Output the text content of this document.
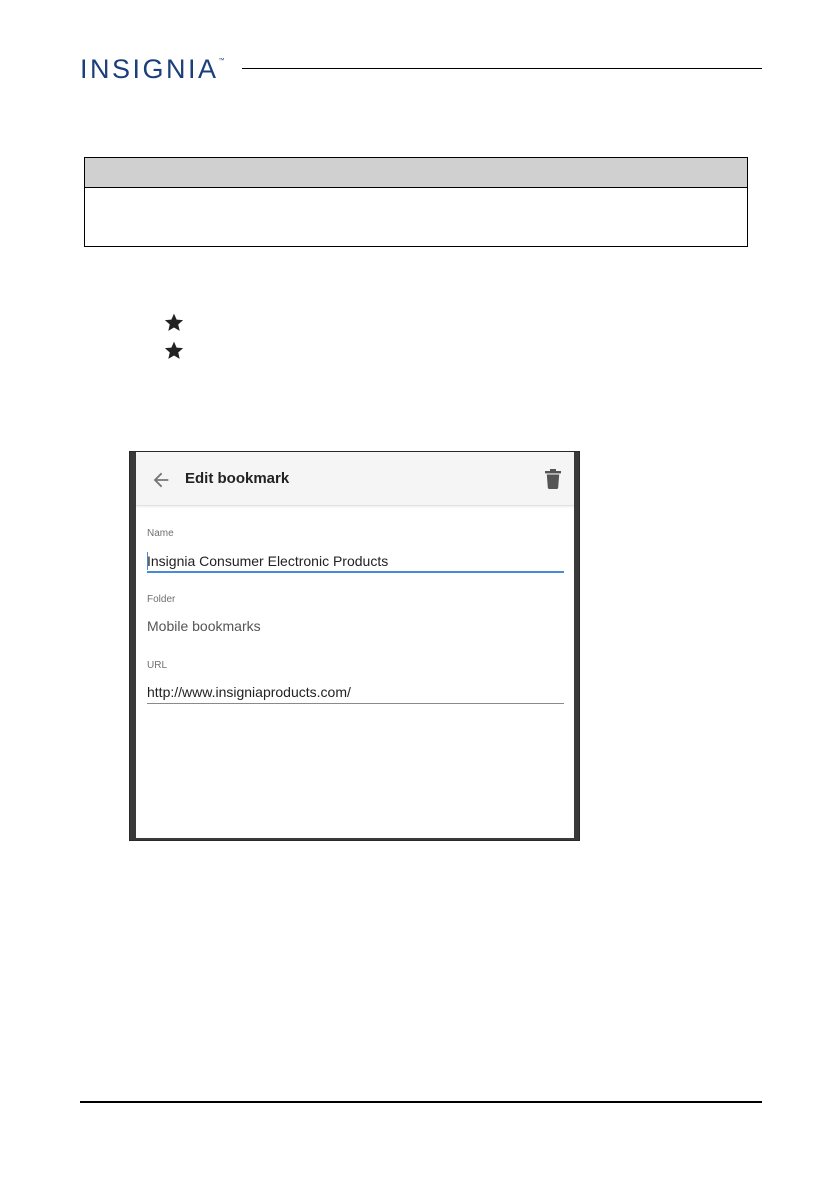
INSIGNIA™
Edit bookmark
Name
Insignia Consumer Electronic Products
Folder
Mobile bookmarks
URL
http://www.insigniaproducts.com/
